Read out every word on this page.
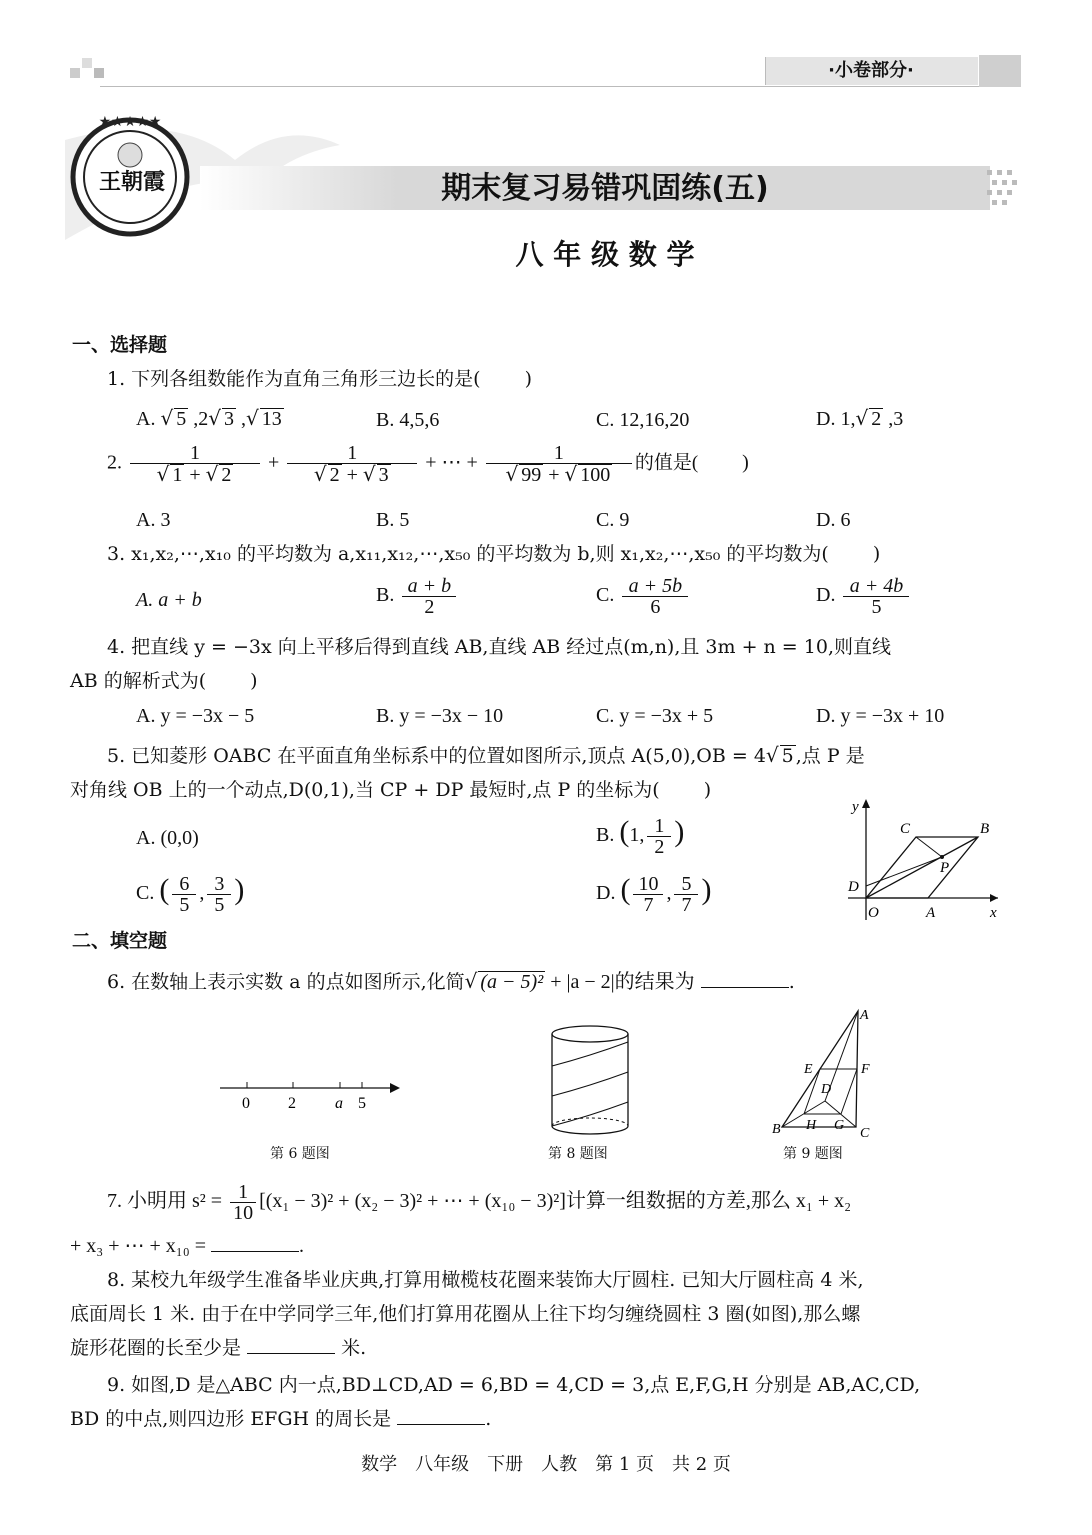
·小卷部分·
★★★★★
王朝霞	期末复习易错巩固练(五)
八 年 级 数 学
一、选择题
1. 下列各组数能作为直角三角形三边长的是( )
A. √ 5 ,2√ 3 ,√ 13	B. 4,5,6	C. 12,16,20	D. 1,√ 2 ,3
2. $\frac{1}{√ 1 + √ 2} + \frac{1}{√ 2 + √ 3}$ + ⋯ + $\frac{1}{√ 99 + √ 100}$ 的值是( )
A. 3	B. 5	C. 9	D. 6
3. x₁,x₂,⋯,x₁₀ 的平均数为 a,x₁₁,x₁₂,⋯,x₅₀ 的平均数为 b,则 x₁,x₂,⋯,x₅₀ 的平均数为( )
A. a + b	B. $\frac{a + b}{2}$	C. $\frac{a + 5b}{6}$	D. $\frac{a + 4b}{5}$
4. 把直线 y = −3x 向上平移后得到直线 AB,直线 AB 经过点(m,n),且 3m + n = 10,则直线
AB 的解析式为( )
A. y = −3x − 5	B. y = −3x − 10	C. y = −3x + 5	D. y = −3x + 10
5. 已知菱形 OABC 在平面直角坐标系中的位置如图所示,顶点 A(5,0),OB = 4√ 5 ,点 P 是
对角线 OB 上的一个动点,D(0,1),当 CP + DP 最短时,点 P 的坐标为( )
A. (0,0)	B. (1, $\frac{1}{2}$ )
C. ( $\frac{6}{5}$ , $\frac{3}{5}$ )	D. ( $\frac{10}{7}$ , $\frac{5}{7}$ )
y
C	B
P
D
O	A	x
二、填空题
6. 在数轴上表示实数 a 的点如图所示,化简√ (a − 5)² + |a − 2|的结果为	.
0 2 a 5
第 6 题图	第 8 题图
A
E	F
D
B H G
C
第 9 题图
7. 小明用 $s^2 = \frac{1}{10} [(x_1 - 3)^2 + (x_2 - 3)^2$ + ⋯ + (x₁₀ − 3)²]计算一组数据的方差,那么 x₁ + x₂
+ x₃ + ⋯ + x₁₀ =	.
8. 某校九年级学生准备毕业庆典,打算用橄榄枝花圈来装饰大厅圆柱. 已知大厅圆柱高 4 米,
底面周长 1 米. 由于在中学同学三年,他们打算用花圈从上往下均匀缠绕圆柱 3 圈(如图),那么螺
旋形花圈的长至少是	米.
9. 如图,D 是△ABC 内一点,BD⊥CD,AD = 6,BD = 4,CD = 3,点 E,F,G,H 分别是 AB,AC,CD,
BD 的中点,则四边形 EFGH 的周长是	.
数学　八年级　下册　人教　第 1 页　共 2 页
